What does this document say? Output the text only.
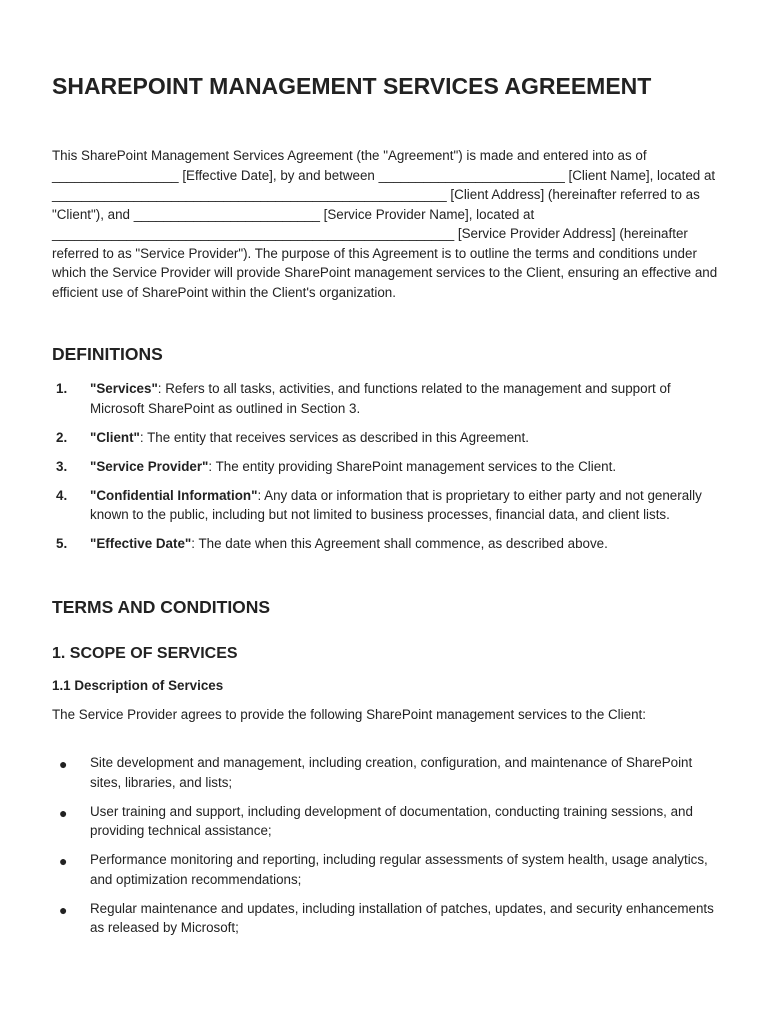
SHAREPOINT MANAGEMENT SERVICES AGREEMENT

This SharePoint Management Services Agreement (the "Agreement") is made and entered into as of _________________ [Effective Date], by and between _________________________ [Client Name], located at _____________________________________________________ [Client Address] (hereinafter referred to as "Client"), and _________________________ [Service Provider Name], located at ______________________________________________________ [Service Provider Address] (hereinafter referred to as "Service Provider"). The purpose of this Agreement is to outline the terms and conditions under which the Service Provider will provide SharePoint management services to the Client, ensuring an effective and efficient use of SharePoint within the Client's organization.

DEFINITIONS
1. "Services": Refers to all tasks, activities, and functions related to the management and support of Microsoft SharePoint as outlined in Section 3.
2. "Client": The entity that receives services as described in this Agreement.
3. "Service Provider": The entity providing SharePoint management services to the Client.
4. "Confidential Information": Any data or information that is proprietary to either party and not generally known to the public, including but not limited to business processes, financial data, and client lists.
5. "Effective Date": The date when this Agreement shall commence, as described above.
TERMS AND CONDITIONS
1. SCOPE OF SERVICES
1.1 Description of Services

The Service Provider agrees to provide the following SharePoint management services to the Client:

● Site development and management, including creation, configuration, and maintenance of SharePoint sites, libraries, and lists;
● User training and support, including development of documentation, conducting training sessions, and providing technical assistance;
● Performance monitoring and reporting, including regular assessments of system health, usage analytics, and optimization recommendations;
● Regular maintenance and updates, including installation of patches, updates, and security enhancements as released by Microsoft;
